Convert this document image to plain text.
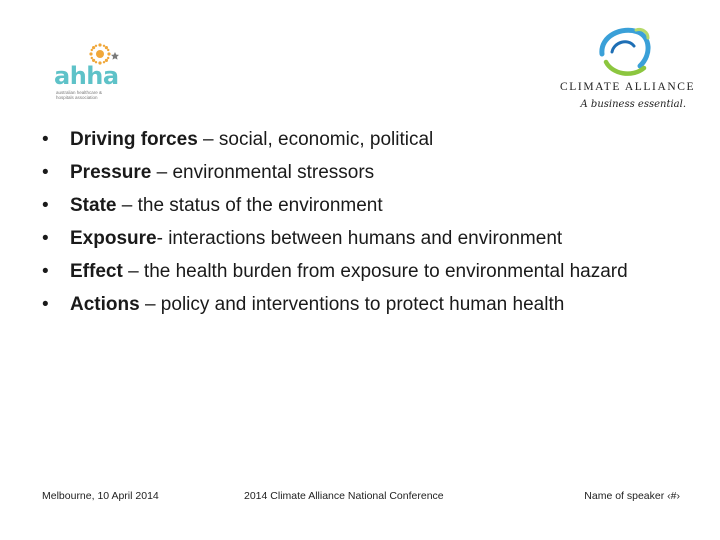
ahha
australian healthcare & hospitals association
CLIMATE ALLIANCE
A business essential.
• Driving forces – social, economic, political
• Pressure – environmental stressors
• State – the status of the environment
• Exposure- interactions between humans and environment
• Effect – the health burden from exposure to environmental hazard
• Actions – policy and interventions to protect human health
Melbourne, 10 April 2014	2014 Climate Alliance National Conference	Name of speaker ‹#›
